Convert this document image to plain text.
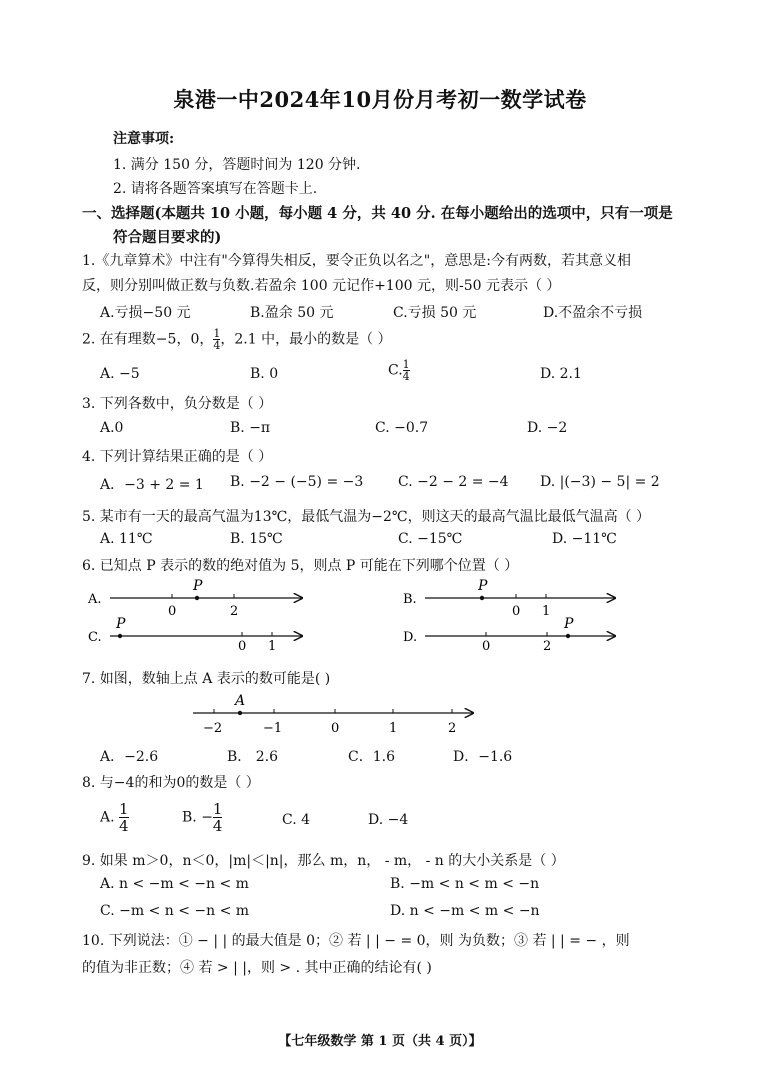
泉港一中2024年10月份月考初一数学试卷
注意事项:
1. 满分 150 分，答题时间为 120 分钟.
2. 请将各题答案填写在答题卡上.
一、选择题(本题共 10 小题，每小题 4 分，共 40 分. 在每小题给出的选项中，只有一项是
符合题目要求的)
1.《九章算术》中注有"今算得失相反，要令正负以名之"，意思是:今有两数，若其意义相
反，则分别叫做正数与负数.若盈余 100 元记作+100 元，则-50 元表示（ ）
A.亏损−50 元	B.盈余 50 元	C.亏损 50 元	D.不盈余不亏损
2. 在有理数−5，0， $\frac{1}{4}$ ，2.1 中，最小的数是（ ）
A. −5	B. 0	C. $\frac{1}{4}$	D. 2.1
3. 下列各数中，负分数是（ ）
A.0	B. −π	C. −0.7	D. −2
4. 下列计算结果正确的是（ ）
A．−3 + 2 = 1 B. −2 − (−5) = −3 C. −2 − 2 = −4 D. |(−3) − 5| = 2
5. 某市有一天的最高气温为13℃，最低气温为−2℃，则这天的最高气温比最低气温高（ ）
A. 11℃	B. 15℃	C. −15℃	D. −11℃
6. 已知点 P 表示的数的绝对值为 5，则点 P 可能在下列哪个位置（ ）
A.
P
0	2
B.
P
0 1
C.
P
0 1
D.
P
0	2
7. 如图，数轴上点 A 表示的数可能是( )
A
−2	−1	0	1	2
A．−2.6	B． 2.6	C．1.6	D．−1.6
8. 与−4的和为0的数是（ ）
A. $\frac{1}{4}$	B. − $\frac{1}{4}$	C. 4	D. −4
9. 如果 m＞0，n＜0，|m|＜|n|，那么 m，n， - m， - n 的大小关系是（ ）
A. n < −m < −n < m	B. −m < n < m < −n
C. −m < n < −n < m	D. n < −m < m < −n
10. 下列说法：① − | | 的最大值是 0；② 若 | | − = 0，则 为负数；③ 若 | | = − ，则
的值为非正数；④ 若 > | |，则 > . 其中正确的结论有( )
【七年级数学 第 1 页（共 4 页）】
